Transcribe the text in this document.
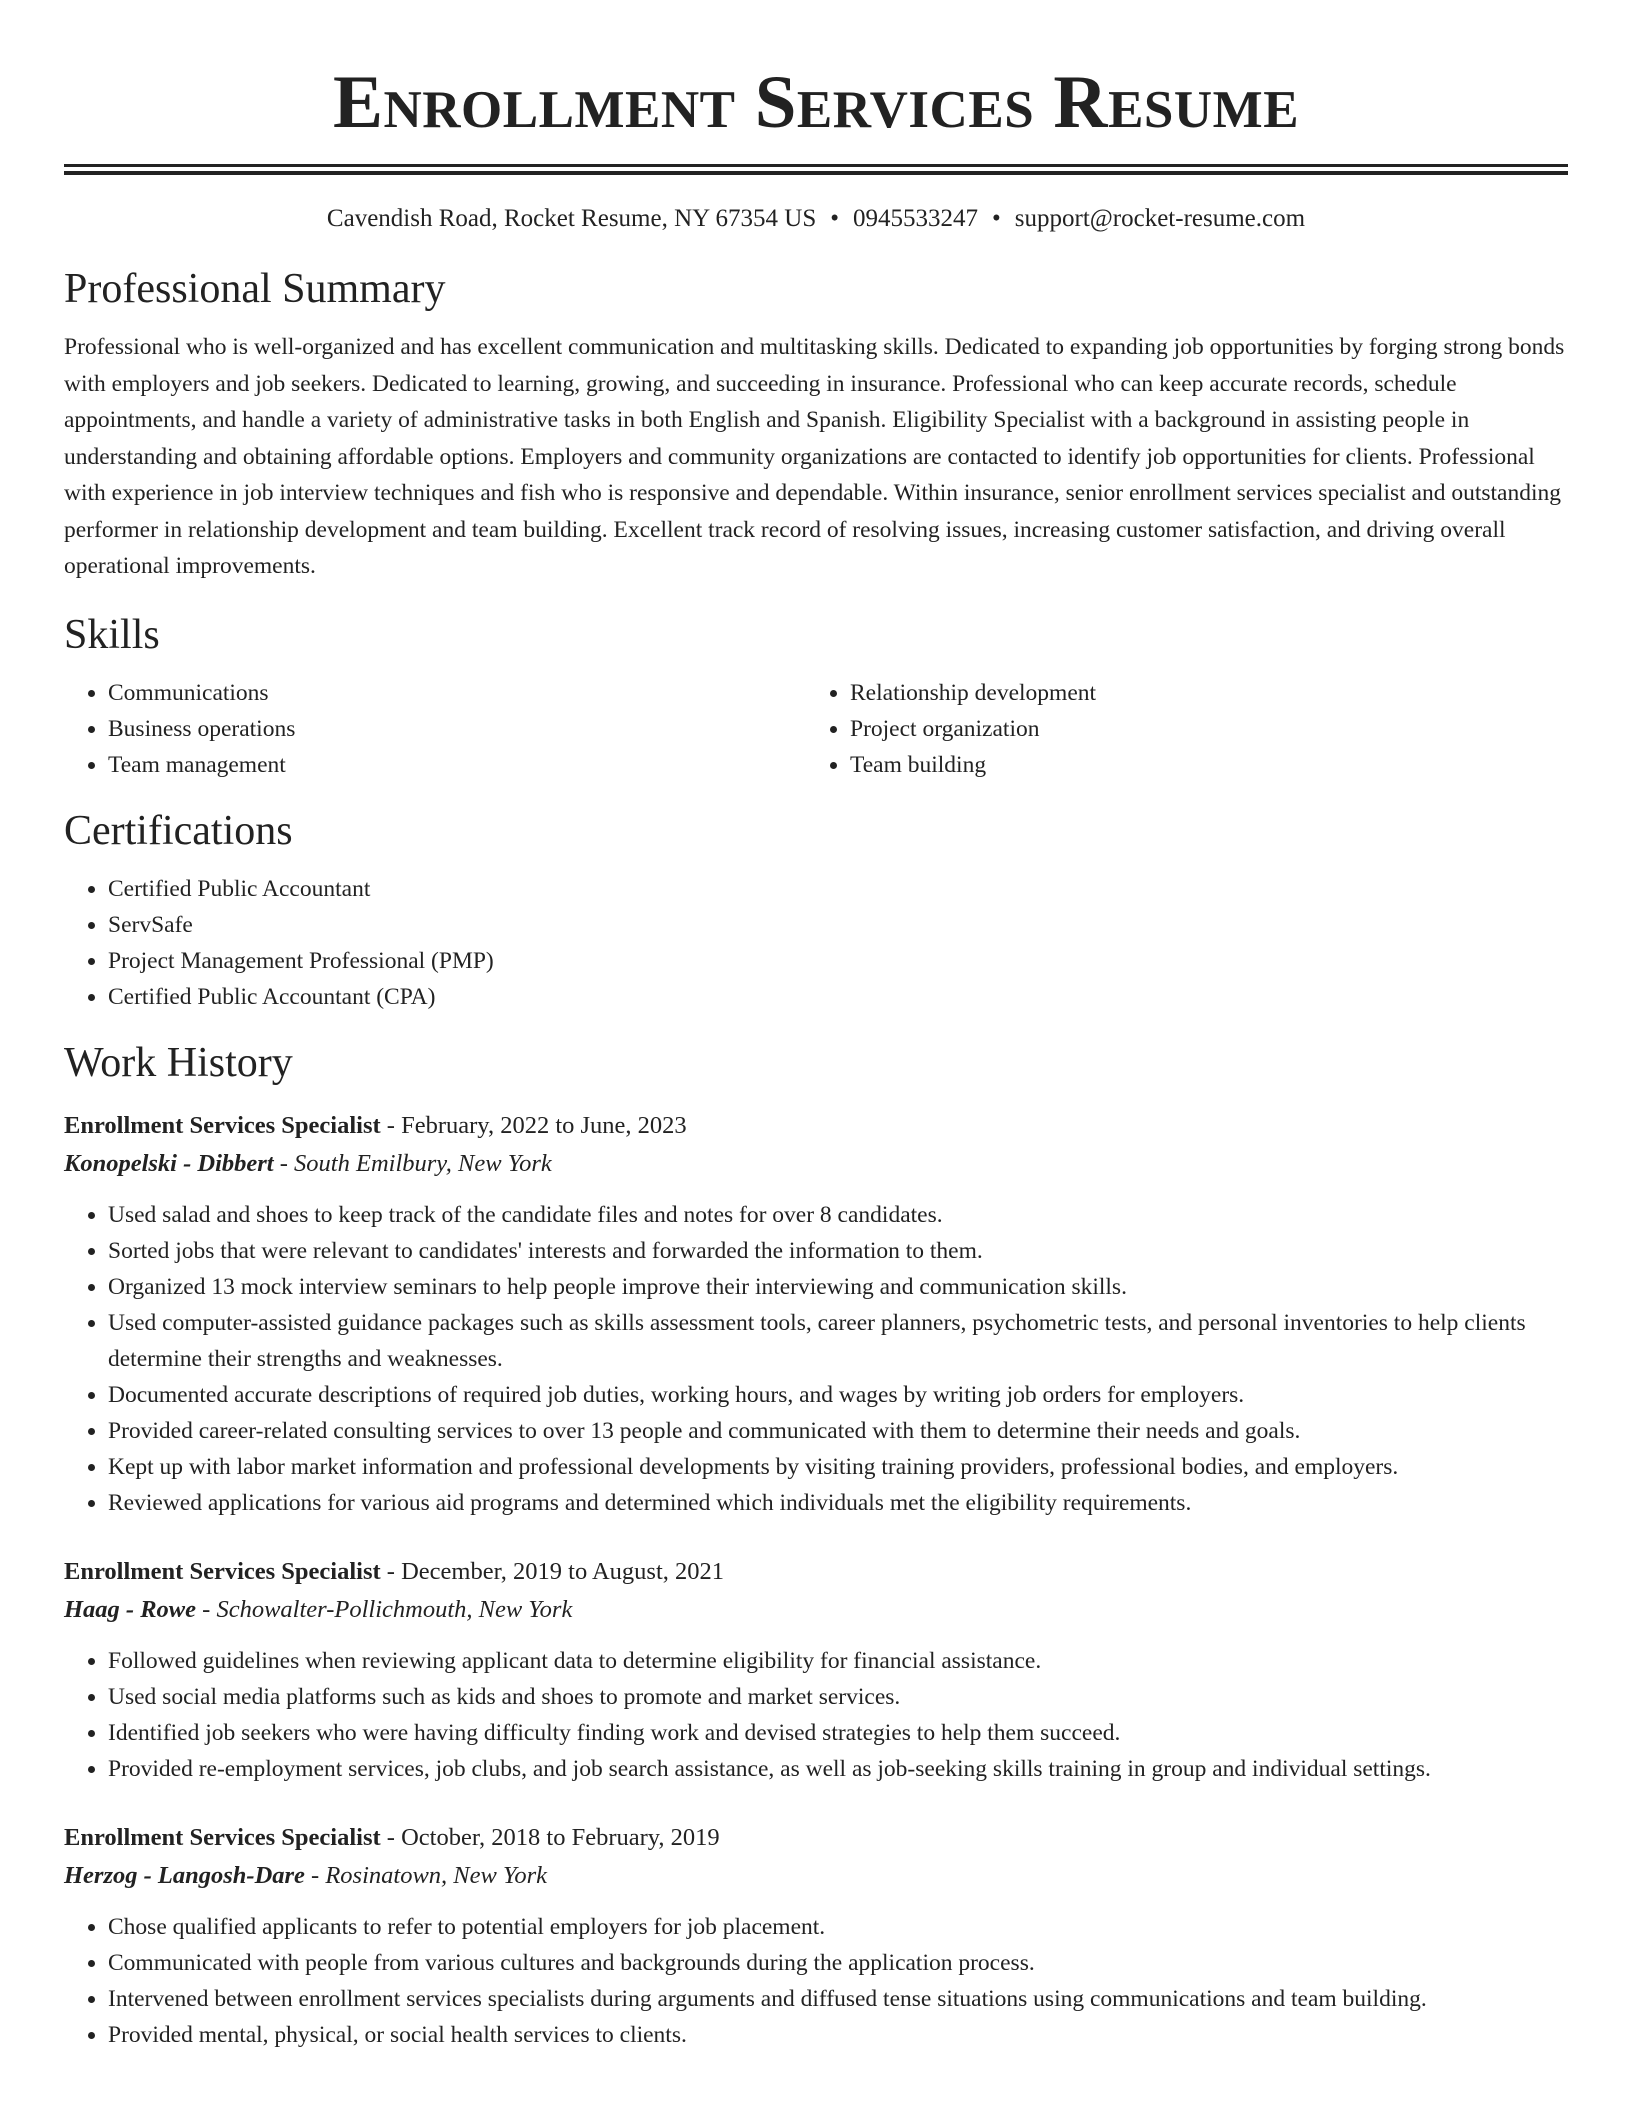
Enrollment Services Resume
Cavendish Road, Rocket Resume, NY 67354 US • 0945533247 • support@rocket-resume.com
Professional Summary

Professional who is well-organized and has excellent communication and multitasking skills. Dedicated to expanding job opportunities by forging strong bonds with employers and job seekers. Dedicated to learning, growing, and succeeding in insurance. Professional who can keep accurate records, schedule appointments, and handle a variety of administrative tasks in both English and Spanish. Eligibility Specialist with a background in assisting people in understanding and obtaining affordable options. Employers and community organizations are contacted to identify job opportunities for clients. Professional with experience in job interview techniques and fish who is responsive and dependable. Within insurance, senior enrollment services specialist and outstanding performer in relationship development and team building. Excellent track record of resolving issues, increasing customer satisfaction, and driving overall operational improvements.

Skills
• Communications
• Business operations
• Team management
• Relationship development
• Project organization
• Team building
Certifications
• Certified Public Accountant
• ServSafe
• Project Management Professional (PMP)
• Certified Public Accountant (CPA)
Work History
Enrollment Services Specialist - February, 2022 to June, 2023
Konopelski - Dibbert - South Emilbury, New York
• Used salad and shoes to keep track of the candidate files and notes for over 8 candidates.
• Sorted jobs that were relevant to candidates' interests and forwarded the information to them.
• Organized 13 mock interview seminars to help people improve their interviewing and communication skills.
• Used computer-assisted guidance packages such as skills assessment tools, career planners, psychometric tests, and personal inventories to help clients determine their strengths and weaknesses.
• Documented accurate descriptions of required job duties, working hours, and wages by writing job orders for employers.
• Provided career-related consulting services to over 13 people and communicated with them to determine their needs and goals.
• Kept up with labor market information and professional developments by visiting training providers, professional bodies, and employers.
• Reviewed applications for various aid programs and determined which individuals met the eligibility requirements.
Enrollment Services Specialist - December, 2019 to August, 2021
Haag - Rowe - Schowalter-Pollichmouth, New York
• Followed guidelines when reviewing applicant data to determine eligibility for financial assistance.
• Used social media platforms such as kids and shoes to promote and market services.
• Identified job seekers who were having difficulty finding work and devised strategies to help them succeed.
• Provided re-employment services, job clubs, and job search assistance, as well as job-seeking skills training in group and individual settings.
Enrollment Services Specialist - October, 2018 to February, 2019
Herzog - Langosh-Dare - Rosinatown, New York
• Chose qualified applicants to refer to potential employers for job placement.
• Communicated with people from various cultures and backgrounds during the application process.
• Intervened between enrollment services specialists during arguments and diffused tense situations using communications and team building.
• Provided mental, physical, or social health services to clients.
